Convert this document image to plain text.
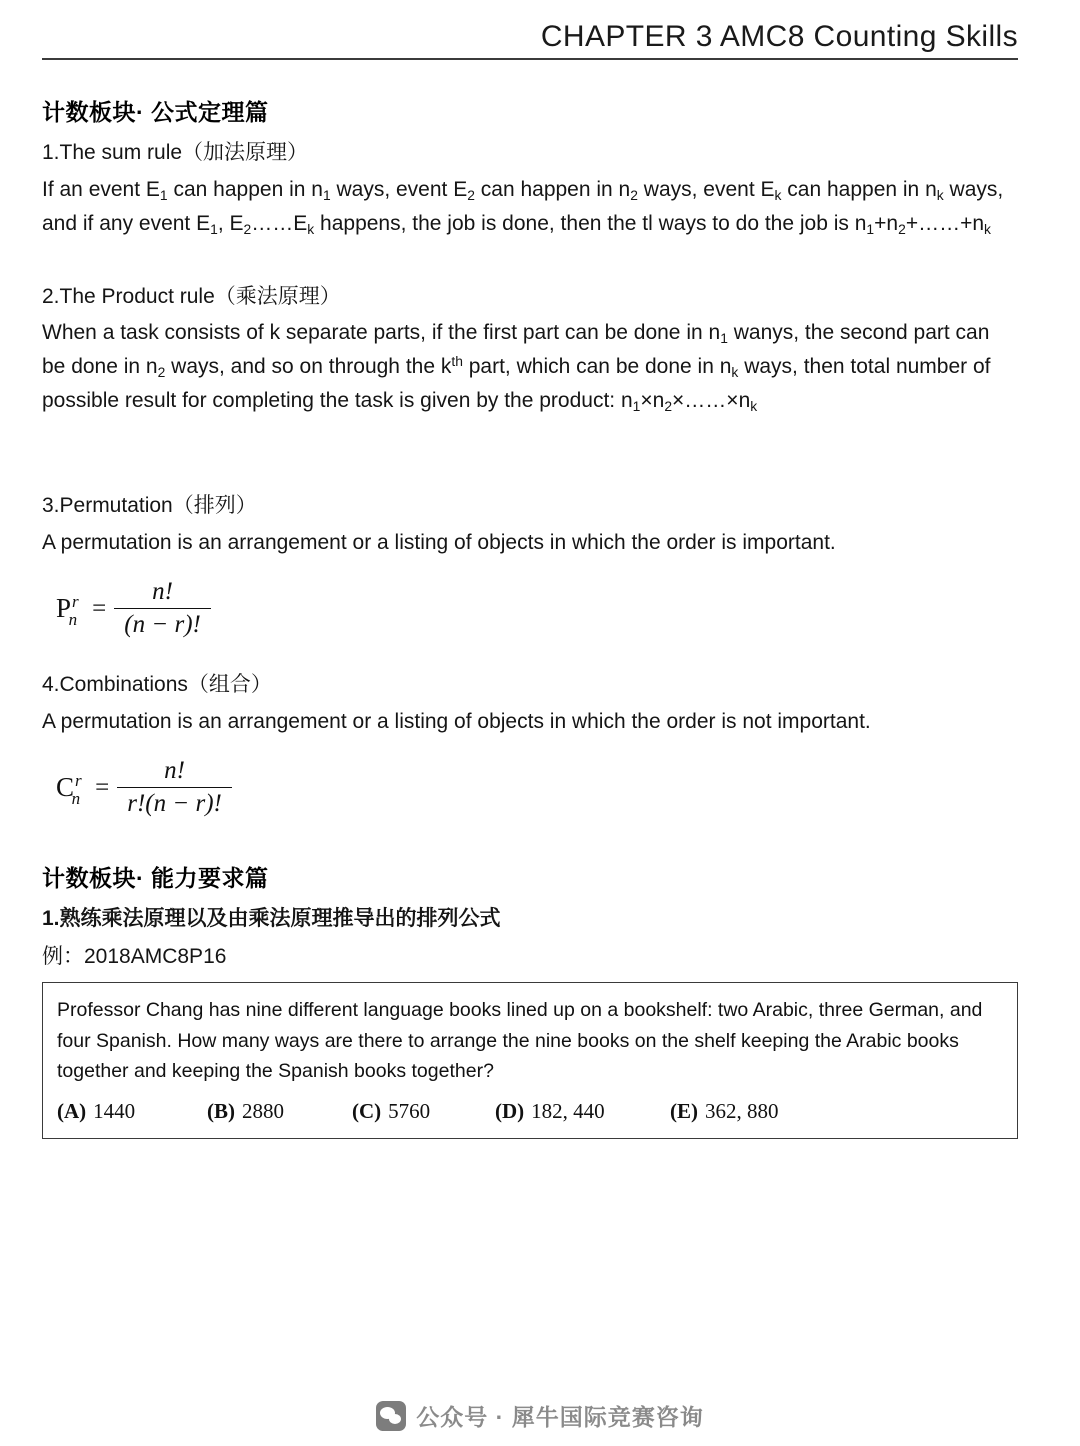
CHAPTER 3 AMC8 Counting Skills
计数板块· 公式定理篇
1.The sum rule（加法原理）
If an event $E_1$ can happen in $n_1$ ways, event $E_2$ can happen in $n_2$ ways, event $E_k$ can happen in $n_k$ ways, and if any event $E_1$, $E_2\dots\dots E_k$ happens, the job is done, then the tl ways to do the job is $n_1+n_2+\dots\dots+n_k$
2.The Product rule（乘法原理）
When a task consists of k separate parts, if the first part can be done in $n_1$ wanys, the second part can be done in $n_2$ ways, and so on through the $k^{th}$ part, which can be done in $n_k$ ways, then total number of possible result for completing the task is given by the product: $n_1\times n_2\times\dots\dots\times n_k$
3.Permutation（排列）
A permutation is an arrangement or a listing of objects in which the order is important.
$P^r_n = \frac{n!}{(n - r)!}$
4.Combinations（组合）
A permutation is an arrangement or a listing of objects in which the order is not important.
$C^r_n = \frac{n!}{r!(n - r)!}$
计数板块· 能力要求篇
1.熟练乘法原理以及由乘法原理推导出的排列公式
例：2018AMC8P16
Professor Chang has nine different language books lined up on a bookshelf: two Arabic, three German, and four Spanish. How many ways are there to arrange the nine books on the shelf keeping the Arabic books together and keeping the Spanish books together?
(A) 1440	(B) 2880	(C) 5760	(D) 182, 440	(E) 362, 880
公众号 · 犀牛国际竞赛咨询
